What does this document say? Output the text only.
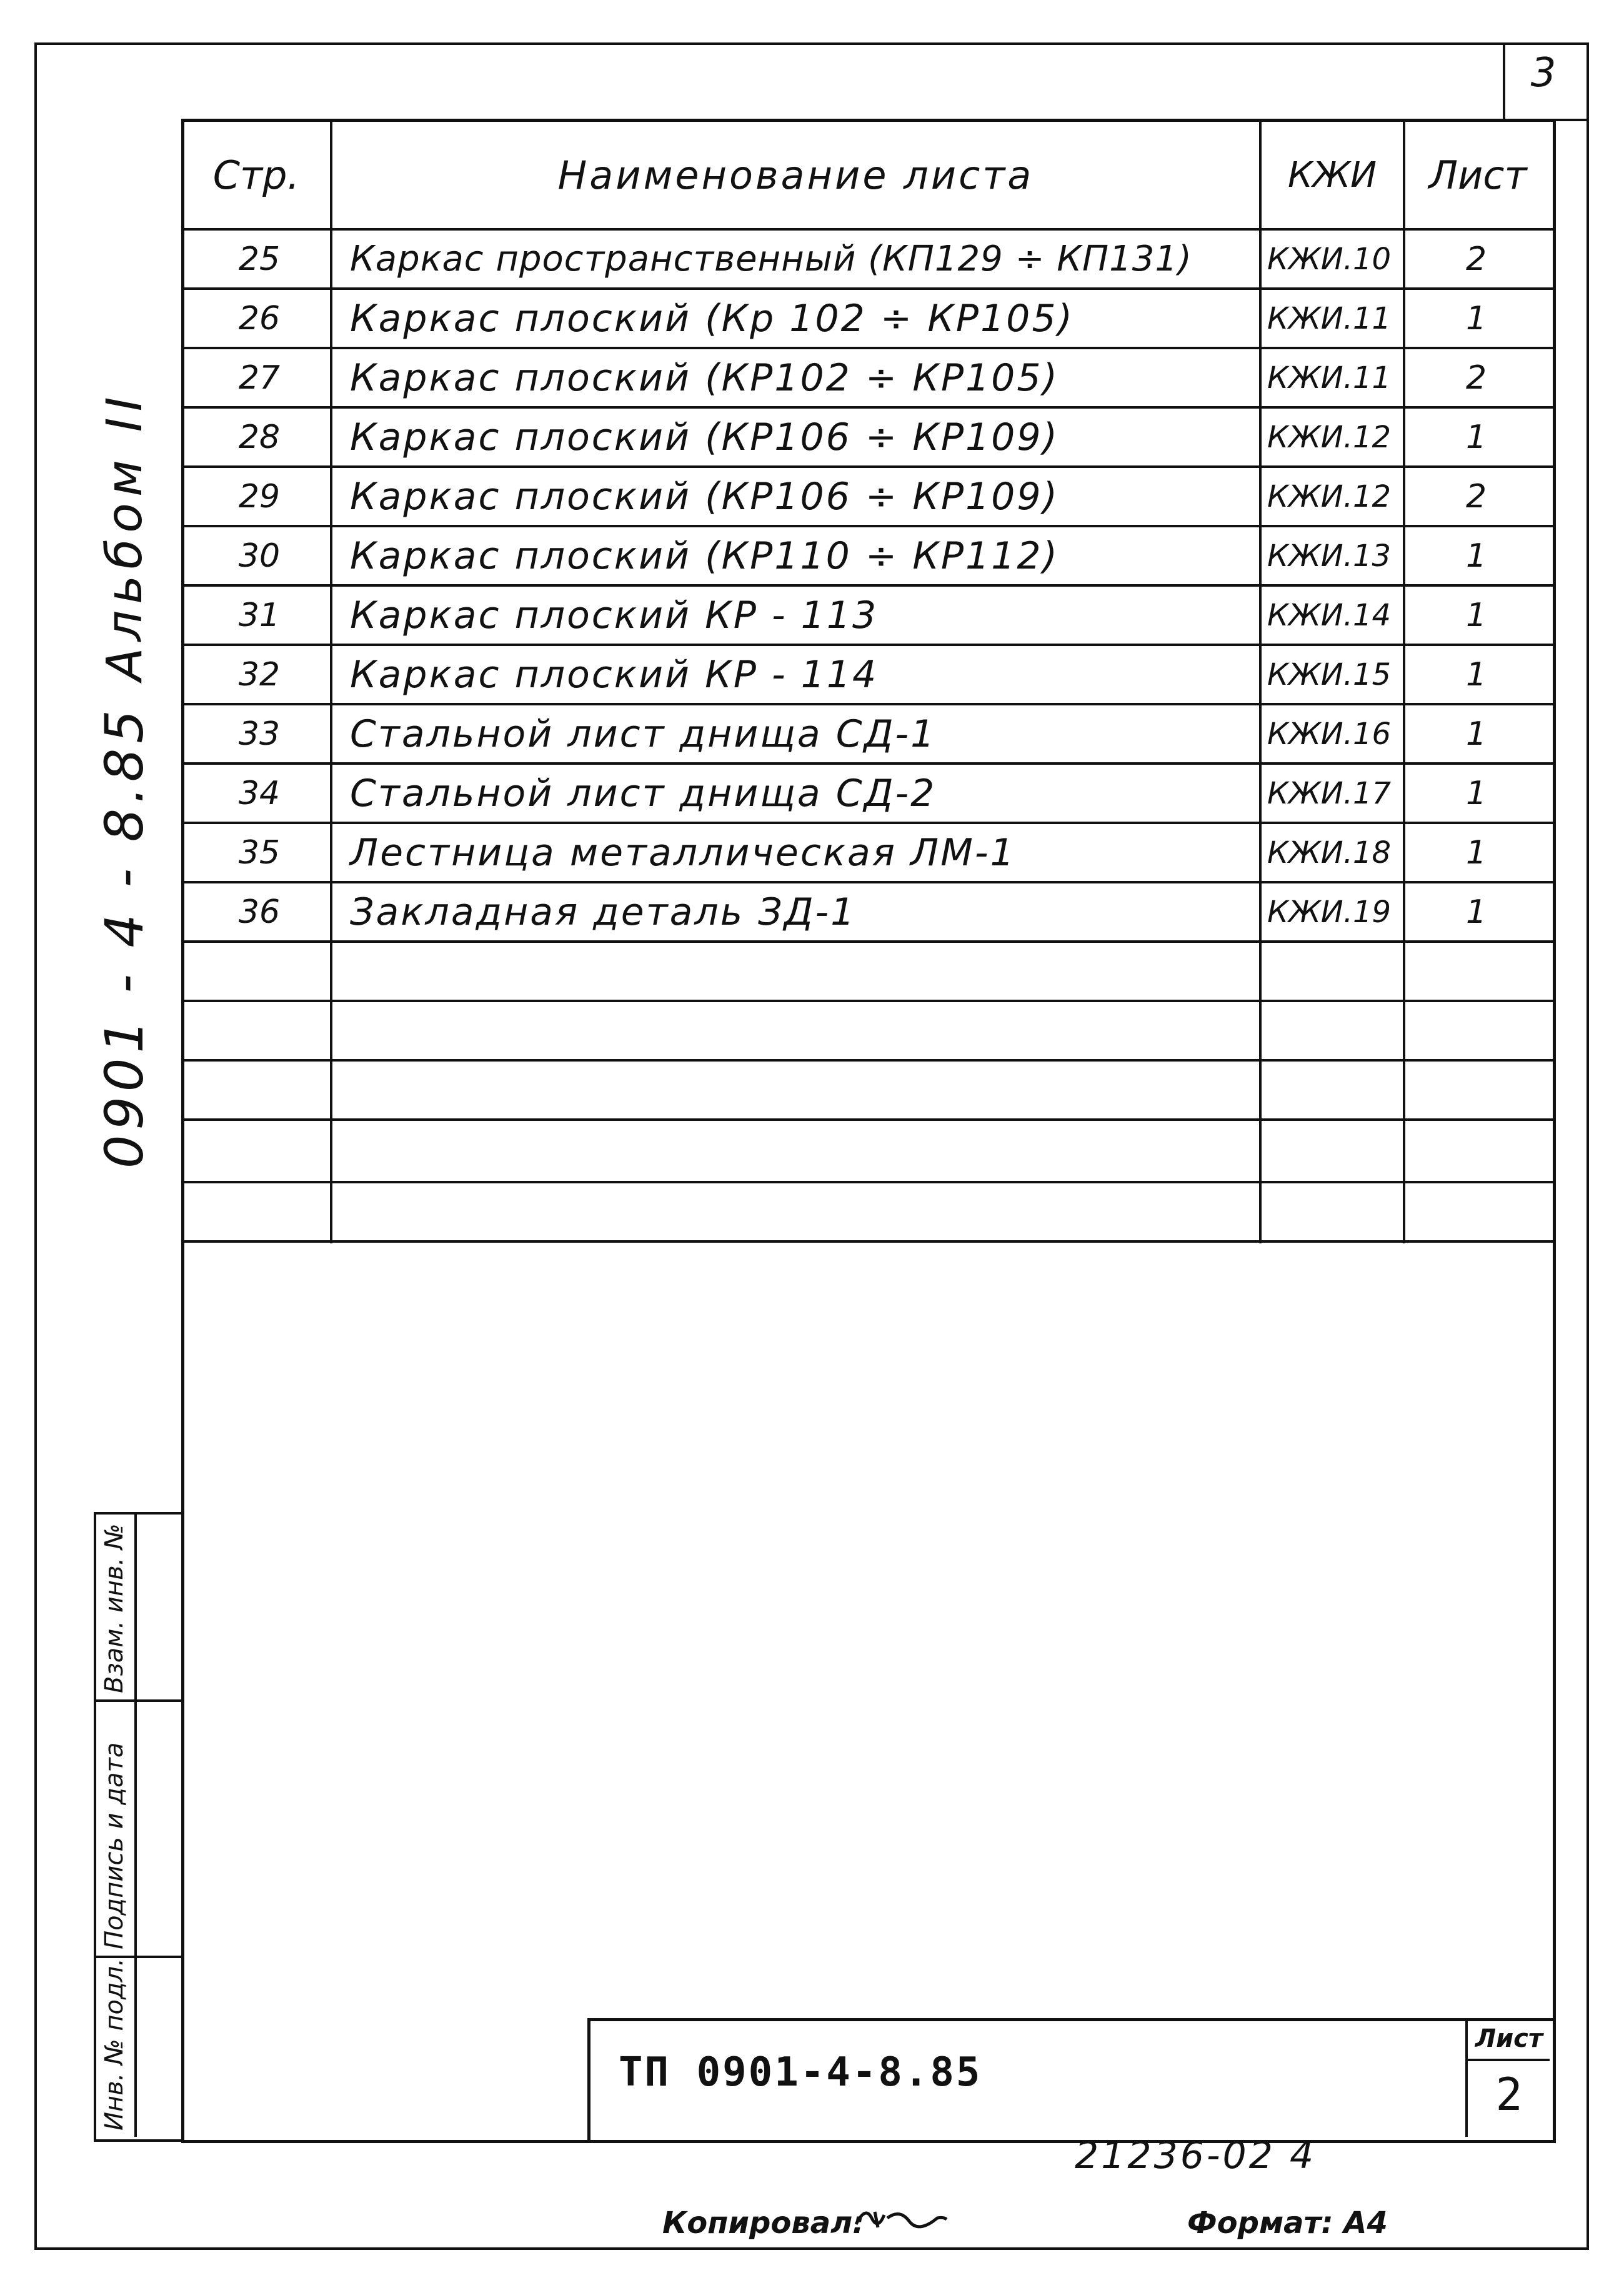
3
Стр.	Наименование листа	КЖИ	Лист
25	Каркас пространственный (КП129 ÷ КП131)	КЖИ.10	2
26	Каркас плоский (Кр 102 ÷ КР105)	КЖИ.11	1
27	Каркас плоский (КР102 ÷ КР105)	КЖИ.11	2
28	Каркас плоский (КР106 ÷ КР109)	КЖИ.12	1
29	Каркас плоский (КР106 ÷ КР109)	КЖИ.12	2
30	Каркас плоский (КР110 ÷ КР112)	КЖИ.13	1
31	Каркас плоский КР - 113	КЖИ.14	1
32	Каркас плоский КР - 114	КЖИ.15	1
33	Стальной лист днища СД-1	КЖИ.16	1
34	Стальной лист днища СД-2	КЖИ.17	1
35	Лестница металлическая ЛМ-1	КЖИ.18	1
36	Закладная деталь ЗД-1	КЖИ.19	1
Альбом II
0901 - 4 - 8.85
Взам. инв. №
Подпись и дата
Инв. № подл.	ТП 0901-4-8.85
Лист
2
21236-02 4
Копировал:	Формат: А4
